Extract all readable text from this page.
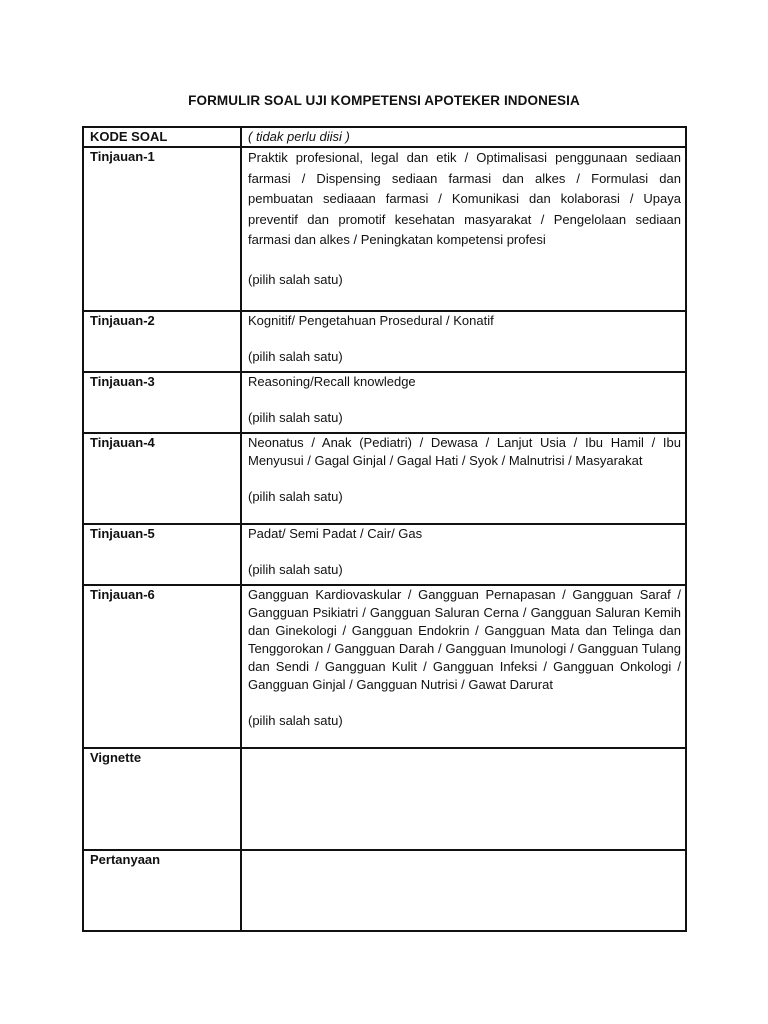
FORMULIR SOAL UJI KOMPETENSI APOTEKER INDONESIA
KODE SOAL	( tidak perlu diisi )
Tinjauan-1	Praktik profesional, legal dan etik / Optimalisasi penggunaan sediaan farmasi / Dispensing sediaan farmasi dan alkes / Formulasi dan pembuatan sediaaan farmasi / Komunikasi dan kolaborasi / Upaya preventif dan promotif kesehatan masyarakat / Pengelolaan sediaan farmasi dan alkes / Peningkatan kompetensi profesi
(pilih salah satu)

Tinjauan-2	Kognitif/ Pengetahuan Prosedural / Konatif
(pilih salah satu)

Tinjauan-3	Reasoning/Recall knowledge
(pilih salah satu)

Tinjauan-4	Neonatus / Anak (Pediatri) / Dewasa / Lanjut Usia / Ibu Hamil / Ibu Menyusui / Gagal Ginjal / Gagal Hati / Syok / Malnutrisi / Masyarakat
(pilih salah satu)

Tinjauan-5	Padat/ Semi Padat / Cair/ Gas
(pilih salah satu)

Tinjauan-6	Gangguan Kardiovaskular / Gangguan Pernapasan / Gangguan Saraf / Gangguan Psikiatri / Gangguan Saluran Cerna / Gangguan Saluran Kemih dan Ginekologi / Gangguan Endokrin / Gangguan Mata dan Telinga dan Tenggorokan / Gangguan Darah / Gangguan Imunologi / Gangguan Tulang dan Sendi / Gangguan Kulit / Gangguan Infeksi / Gangguan Onkologi / Gangguan Ginjal / Gangguan Nutrisi / Gawat Darurat
(pilih salah satu)

Vignette	
Pertanyaan	
